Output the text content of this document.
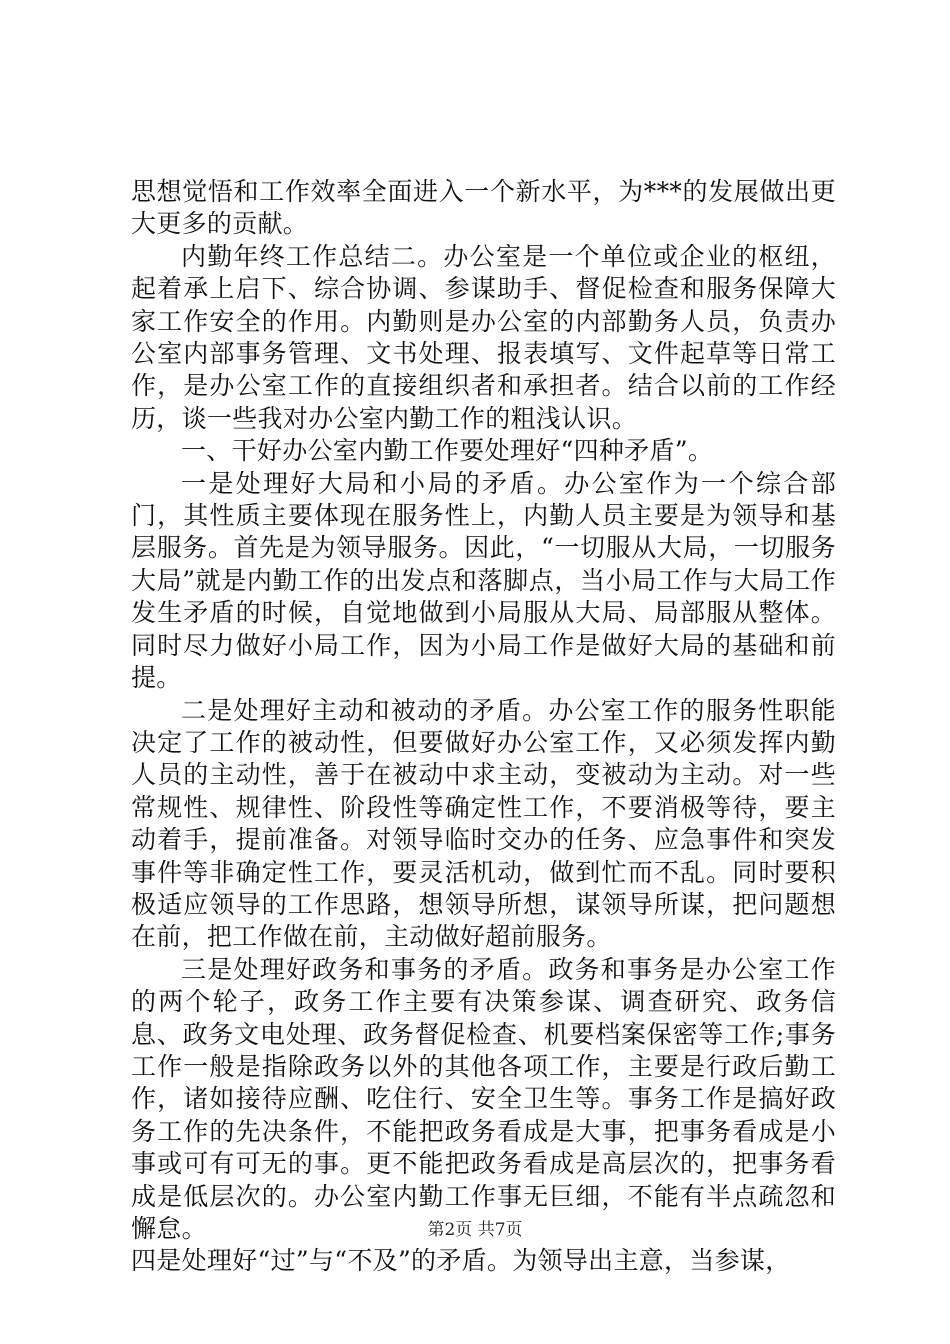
思想觉悟和工作效率全面进入一个新水平，为***的发展做出更大更多的贡献。

内勤年终工作总结二。办公室是一个单位或企业的枢纽，起着承上启下、综合协调、参谋助手、督促检查和服务保障大家工作安全的作用。内勤则是办公室的内部勤务人员，负责办公室内部事务管理、文书处理、报表填写、文件起草等日常工作，是办公室工作的直接组织者和承担者。结合以前的工作经历，谈一些我对办公室内勤工作的粗浅认识。

一、干好办公室内勤工作要处理好“四种矛盾”。

一是处理好大局和小局的矛盾。办公室作为一个综合部门，其性质主要体现在服务性上，内勤人员主要是为领导和基层服务。首先是为领导服务。因此，“一切服从大局，一切服务大局”就是内勤工作的出发点和落脚点，当小局工作与大局工作发生矛盾的时候，自觉地做到小局服从大局、局部服从整体。同时尽力做好小局工作，因为小局工作是做好大局的基础和前提。

二是处理好主动和被动的矛盾。办公室工作的服务性职能决定了工作的被动性，但要做好办公室工作，又必须发挥内勤人员的主动性，善于在被动中求主动，变被动为主动。对一些常规性、规律性、阶段性等确定性工作，不要消极等待，要主动着手，提前准备。对领导临时交办的任务、应急事件和突发事件等非确定性工作，要灵活机动，做到忙而不乱。同时要积极适应领导的工作思路，想领导所想，谋领导所谋，把问题想在前，把工作做在前，主动做好超前服务。

三是处理好政务和事务的矛盾。政务和事务是办公室工作的两个轮子，政务工作主要有决策参谋、调查研究、政务信息、政务文电处理、政务督促检查、机要档案保密等工作;事务工作一般是指除政务以外的其他各项工作，主要是行政后勤工作，诸如接待应酬、吃住行、安全卫生等。事务工作是搞好政务工作的先决条件，不能把政务看成是大事，把事务看成是小事或可有可无的事。更不能把政务看成是高层次的，把事务看成是低层次的。办公室内勤工作事无巨细，不能有半点疏忽和懈怠。

四是处理好“过”与“不及”的矛盾。为领导出主意，当参谋，

第2页 共7页
